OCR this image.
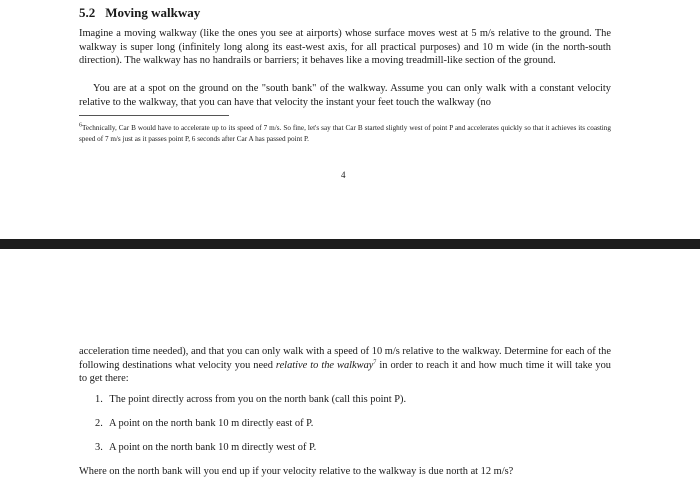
5.2 Moving walkway

Imagine a moving walkway (like the ones you see at airports) whose surface moves west at 5 m/s relative to the ground. The walkway is super long (infinitely long along its east-west axis, for all practical purposes) and 10 m wide (in the north-south direction). The walkway has no handrails or barriers; it behaves like a moving treadmill-like section of the ground.

You are at a spot on the ground on the "south bank" of the walkway. Assume you can only walk with a constant velocity relative to the walkway, that you can have that velocity the instant your feet touch the walkway (no

$^6$Technically, Car B would have to accelerate up to its speed of 7 m/s. So fine, let's say that Car B started slightly west of point P and accelerates quickly so that it achieves its coasting speed of 7 m/s just as it passes point P, 6 seconds after Car A has passed point P.

4

acceleration time needed), and that you can only walk with a speed of 10 m/s relative to the walkway. Determine for each of the following destinations what velocity you need relative to the walkway$^7$ in order to reach it and how much time it will take you to get there:

1. The point directly across from you on the north bank (call this point P).
2. A point on the north bank 10 m directly east of P.
3. A point on the north bank 10 m directly west of P.
Where on the north bank will you end up if your velocity relative to the walkway is due north at 12 m/s?
